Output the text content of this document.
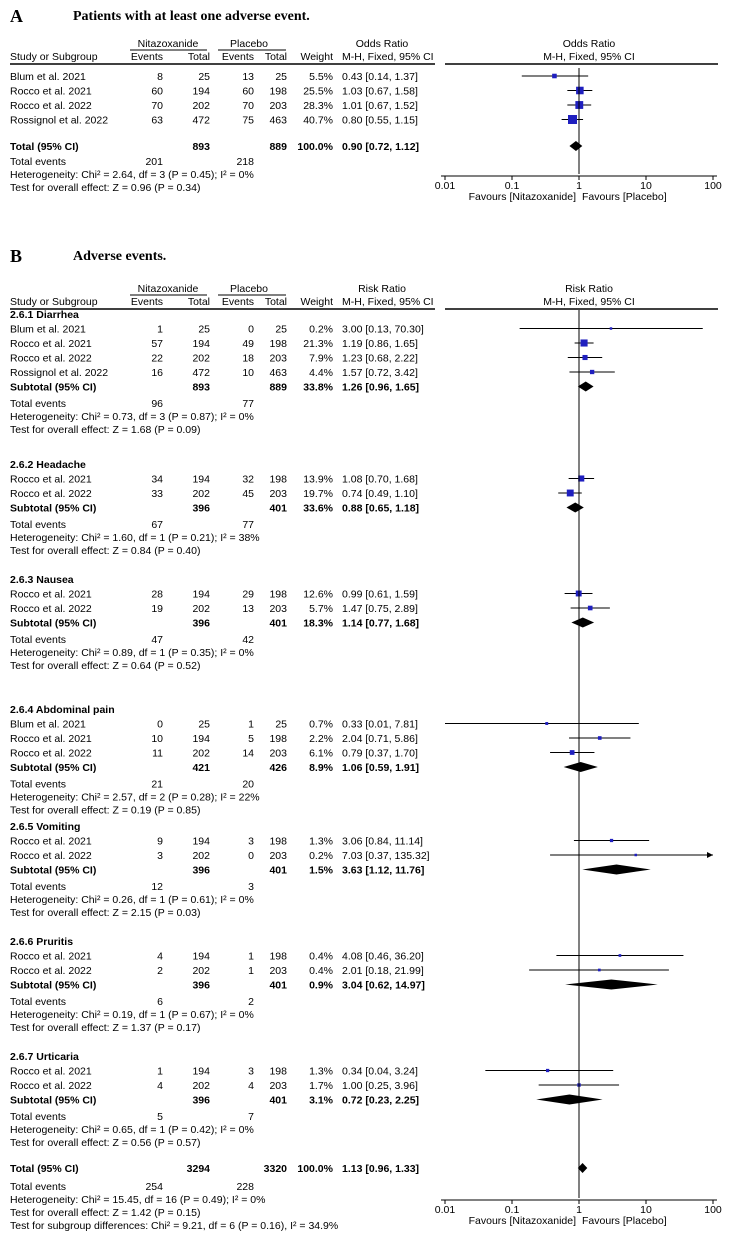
A	Patients with at least one adverse event.
Nitazoxanide	Placebo	Odds Ratio	Odds Ratio
Study or Subgroup	Events Total Events Total Weight M-H, Fixed, 95% CI	M-H, Fixed, 95% CI
Blum et al. 2021	8	25	13 25 5.5% 0.43 [0.14, 1.37]
Rocco et al. 2021	60	194	60 198 25.5% 1.03 [0.67, 1.58]
Rocco et al. 2022	70	202	70 203 28.3% 1.01 [0.67, 1.52]
Rossignol et al. 2022	63	472	75 463 40.7% 0.80 [0.55, 1.15]
Total (95% CI)	893	889 100.0% 0.90 [0.72, 1.12]
Total events	201	218
Heterogeneity: Chi² = 2.64, df = 3 (P = 0.45); I² = 0%
Test for overall effect: Z = 0.96 (P = 0.34)	0.01	0.1	1	10	100
Favours [Nitazoxanide] Favours [Placebo]
B	Adverse events.
Nitazoxanide	Placebo	Risk Ratio	Risk Ratio
Study or Subgroup	Events Total Events Total Weight M-H, Fixed, 95% CI	M-H, Fixed, 95% CI
2.6.1 Diarrhea
Blum et al. 2021	1	25	0 25 0.2% 3.00 [0.13, 70.30]
Rocco et al. 2021	57	194	49 198 21.3% 1.19 [0.86, 1.65]
Rocco et al. 2022	22	202	18 203 7.9% 1.23 [0.68, 2.22]
Rossignol et al. 2022	16	472	10 463 4.4% 1.57 [0.72, 3.42]
Subtotal (95% CI)	893	889 33.8% 1.26 [0.96, 1.65]
Total events	96	77
Heterogeneity: Chi² = 0.73, df = 3 (P = 0.87); I² = 0%
Test for overall effect: Z = 1.68 (P = 0.09)
2.6.2 Headache
Rocco et al. 2021	34	194	32 198 13.9% 1.08 [0.70, 1.68]
Rocco et al. 2022	33	202	45 203 19.7% 0.74 [0.49, 1.10]
Subtotal (95% CI)	396	401 33.6% 0.88 [0.65, 1.18]
Total events	67	77
Heterogeneity: Chi² = 1.60, df = 1 (P = 0.21); I² = 38%
Test for overall effect: Z = 0.84 (P = 0.40)
2.6.3 Nausea
Rocco et al. 2021	28	194	29 198 12.6% 0.99 [0.61, 1.59]
Rocco et al. 2022	19	202	13 203 5.7% 1.47 [0.75, 2.89]
Subtotal (95% CI)	396	401 18.3% 1.14 [0.77, 1.68]
Total events	47	42
Heterogeneity: Chi² = 0.89, df = 1 (P = 0.35); I² = 0%
Test for overall effect: Z = 0.64 (P = 0.52)
2.6.4 Abdominal pain
Blum et al. 2021	0	25	1 25 0.7% 0.33 [0.01, 7.81]
Rocco et al. 2021	10	194	5 198 2.2% 2.04 [0.71, 5.86]
Rocco et al. 2022	11	202	14 203 6.1% 0.79 [0.37, 1.70]
Subtotal (95% CI)	421	426 8.9% 1.06 [0.59, 1.91]
Total events	21	20
Heterogeneity: Chi² = 2.57, df = 2 (P = 0.28); I² = 22%
Test for overall effect: Z = 0.19 (P = 0.85)
2.6.5 Vomiting
Rocco et al. 2021	9	194	3 198 1.3% 3.06 [0.84, 11.14]
Rocco et al. 2022	3	202	0 203 0.2% 7.03 [0.37, 135.32]
Subtotal (95% CI)	396	401 1.5% 3.63 [1.12, 11.76]
Total events	12	3
Heterogeneity: Chi² = 0.26, df = 1 (P = 0.61); I² = 0%
Test for overall effect: Z = 2.15 (P = 0.03)
2.6.6 Pruritis
Rocco et al. 2021	4	194	1 198 0.4% 4.08 [0.46, 36.20]
Rocco et al. 2022	2	202	1 203 0.4% 2.01 [0.18, 21.99]
Subtotal (95% CI)	396	401 0.9% 3.04 [0.62, 14.97]
Total events	6	2
Heterogeneity: Chi² = 0.19, df = 1 (P = 0.67); I² = 0%
Test for overall effect: Z = 1.37 (P = 0.17)
2.6.7 Urticaria
Rocco et al. 2021	1	194	3 198 1.3% 0.34 [0.04, 3.24]
Rocco et al. 2022	4	202	4 203 1.7% 1.00 [0.25, 3.96]
Subtotal (95% CI)	396	401 3.1% 0.72 [0.23, 2.25]
Total events	5	7
Heterogeneity: Chi² = 0.65, df = 1 (P = 0.42); I² = 0%
Test for overall effect: Z = 0.56 (P = 0.57)
Total (95% CI)	3294	3320 100.0% 1.13 [0.96, 1.33]
Total events	254	228
Heterogeneity: Chi² = 15.45, df = 16 (P = 0.49); I² = 0%
Test for overall effect: Z = 1.42 (P = 0.15)
Test for subgroup differences: Chi² = 9.21, df = 6 (P = 0.16), I² = 34.9%
0.01	0.1	1	10	100
Favours [Nitazoxanide] Favours [Placebo]
